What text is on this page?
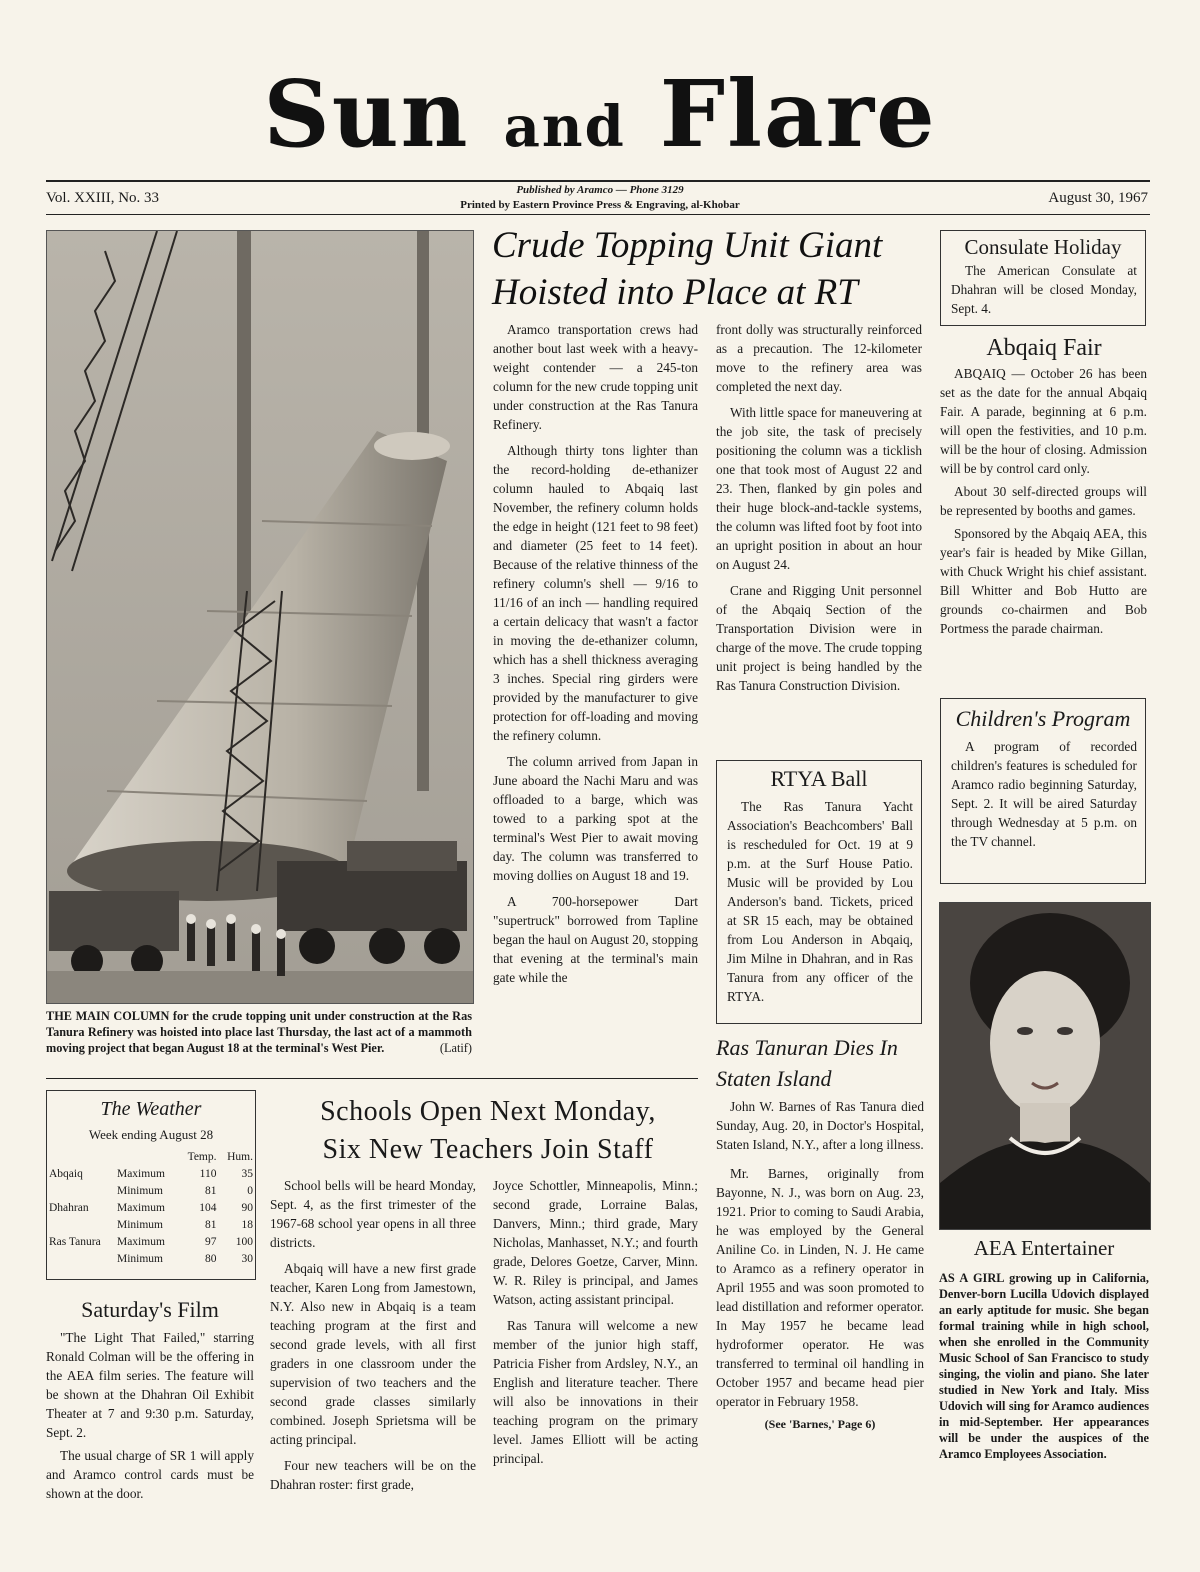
Sun and Flare
Vol. XXIII, No. 33	Published by Aramco — Phone 3129
Printed by Eastern Province Press & Engraving, al-Khobar	August 30, 1967
THE MAIN COLUMN for the crude topping unit under construction at the Ras Tanura Refinery was hoisted into place last Thursday, the last act of a mammoth moving project that began August 18 at the terminal's West Pier.	(Latif)
Crude Topping Unit Giant Hoisted into Place at RT

Aramco transportation crews had another bout last week with a heavy-weight contender — a 245-ton column for the new crude topping unit under construction at the Ras Tanura Refinery.

Although thirty tons lighter than the record-holding de-ethanizer column hauled to Abqaiq last November, the refinery column holds the edge in height (121 feet to 98 feet) and diameter (25 feet to 14 feet). Because of the relative thinness of the refinery column's shell — 9/16 to 11/16 of an inch — handling required a certain delicacy that wasn't a factor in moving the de-ethanizer column, which has a shell thickness averaging 3 inches. Special ring girders were provided by the manufacturer to give protection for off-loading and moving the refinery column.

The column arrived from Japan in June aboard the Nachi Maru and was offloaded to a barge, which was towed to a parking spot at the terminal's West Pier to await moving day. The column was transferred to moving dollies on August 18 and 19.

A 700-horsepower Dart "supertruck" borrowed from Tapline began the haul on August 20, stopping that evening at the terminal's main gate while the

front dolly was structurally reinforced as a precaution. The 12-kilometer move to the refinery area was completed the next day.

With little space for maneuvering at the job site, the task of precisely positioning the column was a ticklish one that took most of August 22 and 23. Then, flanked by gin poles and their huge block-and-tackle systems, the column was lifted foot by foot into an upright position in about an hour on August 24.

Crane and Rigging Unit personnel of the Abqaiq Section of the Transportation Division were in charge of the move. The crude topping unit project is being handled by the Ras Tanura Construction Division.

RTYA Ball

The Ras Tanura Yacht Association's Beachcombers' Ball is rescheduled for Oct. 19 at 9 p.m. at the Surf House Patio. Music will be provided by Lou Anderson's band. Tickets, priced at SR 15 each, may be obtained from Lou Anderson in Abqaiq, Jim Milne in Dhahran, and in Ras Tanura from any officer of the RTYA.

Ras Tanuran Dies In Staten Island

John W. Barnes of Ras Tanura died Sunday, Aug. 20, in Doctor's Hospital, Staten Island, N.Y., after a long illness.

Mr. Barnes, originally from Bayonne, N. J., was born on Aug. 23, 1921. Prior to coming to Saudi Arabia, he was employed by the General Aniline Co. in Linden, N. J. He came to Aramco as a refinery operator in April 1955 and was soon promoted to lead distillation and reformer operator. In May 1957 he became lead hydroformer operator. He was transferred to terminal oil handling in October 1957 and became head pier operator in February 1958.

(See 'Barnes,' Page 6)

Consulate Holiday

The American Consulate at Dhahran will be closed Monday, Sept. 4.

Abqaiq Fair

ABQAIQ — October 26 has been set as the date for the annual Abqaiq Fair. A parade, beginning at 6 p.m. will open the festivities, and 10 p.m. will be the hour of closing. Admission will be by control card only.

About 30 self-directed groups will be represented by booths and games.

Sponsored by the Abqaiq AEA, this year's fair is headed by Mike Gillan, with Chuck Wright his chief assistant. Bill Whitter and Bob Hutto are grounds co-chairmen and Bob Portmess the parade chairman.

Children's Program

A program of recorded children's features is scheduled for Aramco radio beginning Saturday, Sept. 2. It will be aired Saturday through Wednesday at 5 p.m. on the TV channel.

AEA Entertainer
AS A GIRL growing up in California, Denver-born Lucilla Udovich displayed an early aptitude for music. She began formal training while in high school, when she enrolled in the Community Music School of San Francisco to study singing, the violin and piano. She later studied in New York and Italy. Miss Udovich will sing for Aramco audiences in mid-September. Her appearances will be under the auspices of the Aramco Employees Association.
The Weather
Week ending August 28
		Temp.	Hum.
Abqaiq	Maximum	110	35
	Minimum	81	0
Dhahran	Maximum	104	90
	Minimum	81	18
Ras Tanura	Maximum	97	100
	Minimum	80	30
Saturday's Film

"The Light That Failed," starring Ronald Colman will be the offering in the AEA film series. The feature will be shown at the Dhahran Oil Exhibit Theater at 7 and 9:30 p.m. Saturday, Sept. 2.

The usual charge of SR 1 will apply and Aramco control cards must be shown at the door.

Schools Open Next Monday,
Six New Teachers Join Staff

School bells will be heard Monday, Sept. 4, as the first trimester of the 1967-68 school year opens in all three districts.

Abqaiq will have a new first grade teacher, Karen Long from Jamestown, N.Y. Also new in Abqaiq is a team teaching program at the first and second grade levels, with all first graders in one classroom under the supervision of two teachers and the second grade classes similarly combined. Joseph Sprietsma will be acting principal.

Four new teachers will be on the Dhahran roster: first grade,

Joyce Schottler, Minneapolis, Minn.; second grade, Lorraine Balas, Danvers, Minn.; third grade, Mary Nicholas, Manhasset, N.Y.; and fourth grade, Delores Goetze, Carver, Minn. W. R. Riley is principal, and James Watson, acting assistant principal.

Ras Tanura will welcome a new member of the junior high staff, Patricia Fisher from Ardsley, N.Y., an English and literature teacher. There will also be innovations in their teaching program on the primary level. James Elliott will be acting principal.
